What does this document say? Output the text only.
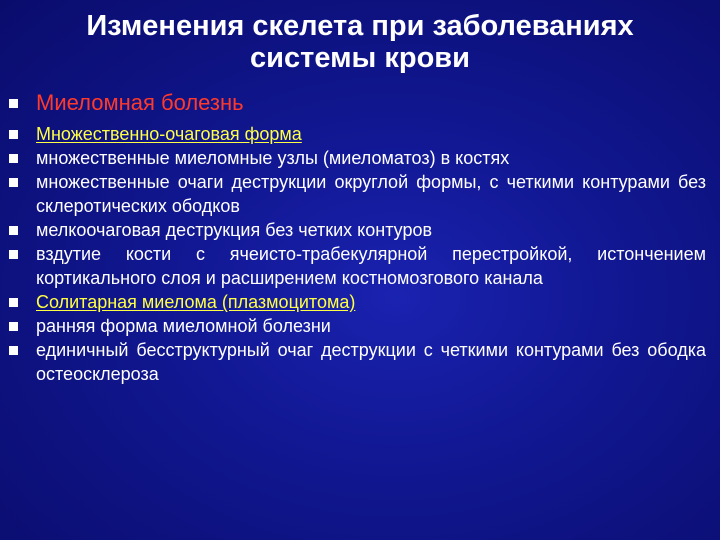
Изменения скелета при заболеваниях
системы крови
Миеломная болезнь
Множественно-очаговая форма
множественные миеломные узлы (миеломатоз) в костях
множественные очаги деструкции округлой формы, с четкими контурами без склеротических ободков
мелкоочаговая деструкция без четких контуров
вздутие кости с ячеисто-трабекулярной перестройкой, истончением кортикального слоя и расширением костномозгового канала
Солитарная миелома (плазмоцитома)
ранняя форма миеломной болезни
единичный бесструктурный очаг деструкции с четкими контурами без ободка остеосклероза
